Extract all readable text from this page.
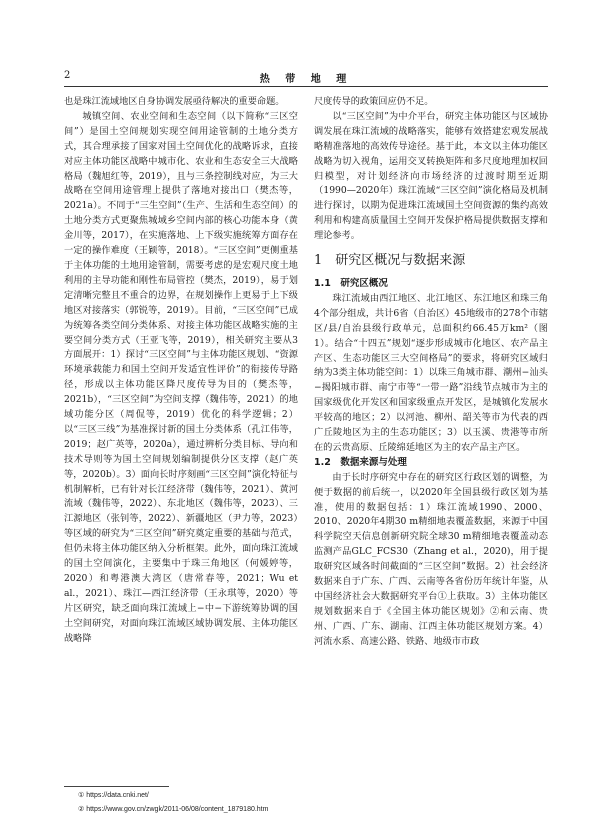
2	热 带 地 理

也是珠江流域地区自身协调发展亟待解决的重要命题。

城镇空间、农业空间和生态空间（以下简称“三区空间”）是国土空间规划实现空间用途管制的土地分类方式，其合理承接了国家对国土空间优化的战略诉求，直接对应主体功能区战略中城市化、农业和生态安全三大战略格局（魏旭红等，2019），且与三条控制线对应，为三大战略在空间用途管理上提供了落地对接出口（樊杰等，2021a）。不同于“三生空间”（生产、生活和生态空间）的土地分类方式更聚焦城域乡空间内部的核心功能本身（黄金川等，2017），在实施落地、上下级实施统筹方面存在一定的操作难度（王颖等，2018）。“三区空间”更侧重基于主体功能的土地用途管制，需要考虑的是宏观尺度土地利用的主导功能和刚性布局管控（樊杰，2019），易于划定清晰完整且不重合的边界，在规划操作上更易于上下级地区对接落实（郭锐等，2019）。目前，“三区空间”已成为统筹各类空间分类体系、对接主体功能区战略实施的主要空间分类方式（王亚飞等，2019），相关研究主要从3方面展开：1）探讨“三区空间”与主体功能区规划、“资源环境承载能力和国土空间开发适宜性评价”的衔接传导路径，形成以主体功能区降尺度传导为目的（樊杰等，2021b），“三区空间”为空间支撑（魏伟等，2021）的地域功能分区（周侃等，2019）优化的科学逻辑；2）以“三区三线”为基准探讨新的国土分类体系（孔江伟等，2019；赵广英等，2020a），通过辨析分类目标、导向和技术导则等为国土空间规划编制提供分区支撑（赵广英等，2020b）。3）面向长时序刻画“三区空间”演化特征与机制解析，已有针对长江经济带（魏伟等，2021）、黄河流域（魏伟等，2022）、东北地区（魏伟等，2023）、三江源地区（张钊等，2022）、新疆地区（尹力等，2023）等区域的研究为“三区空间”研究奠定重要的基础与范式，但仍未将主体功能区纳入分析框架。此外，面向珠江流域的国土空间演化，主要集中于珠三角地区（何媛婷等，2020）和粤港澳大湾区（唐常春等，2021；Wu et al.，2021）、珠江—西江经济带（王永琪等，2020）等片区研究，缺乏面向珠江流域上−中−下游统筹协调的国土空间研究，对面向珠江流域区域协调发展、主体功能区战略降

尺度传导的政策回应仍不足。

以“三区空间”为中介平台，研究主体功能区与区域协调发展在珠江流域的战略落实，能够有效搭建宏观发展战略精准落地的高效传导途径。基于此，本文以主体功能区战略为切入视角，运用交叉转换矩阵和多尺度地理加权回归模型，对计划经济向市场经济的过渡时期至近期（1990—2020年）珠江流域“三区空间”演化格局及机制进行探讨，以期为促进珠江流域国土空间资源的集约高效利用和构建高质量国土空间开发保护格局提供数据支撑和理论参考。

1　研究区概况与数据来源
1.1　研究区概况

珠江流域由西江地区、北江地区、东江地区和珠三角4个部分组成，共计6省（自治区）45地级市的278个市辖区/县/自治县级行政单元，总面积约66.45万km²（图1）。结合“十四五”规划“逐步形成城市化地区、农产品主产区、生态功能区三大空间格局”的要求，将研究区域归纳为3类主体功能空间：1）以珠三角城市群、潮州−汕头−揭阳城市群、南宁市等“一带一路”沿线节点城市为主的国家级优化开发区和国家级重点开发区，是城镇化发展水平较高的地区；2）以河池、柳州、韶关等市为代表的西广丘陵地区为主的生态功能区；3）以玉溪、贵港等市所在的云贵高原、丘陵绵延地区为主的农产品主产区。

1.2　数据来源与处理

由于长时序研究中存在的研究区行政区划的调整，为便于数据的前后统一，以2020年全国县级行政区划为基准，使用的数据包括：1）珠江流域1990、2000、2010、2020年4期30 m精细地表覆盖数据，来源于中国科学院空天信息创新研究院全球30 m精细地表覆盖动态监测产品GLC_FCS30（Zhang et al.，2020)，用于提取研究区域各时间截面的“三区空间”数据。2）社会经济数据来自于广东、广西、云南等各省份历年统计年鉴，从中国经济社会大数据研究平台①上获取。3）主体功能区规划数据来自于《全国主体功能区规划》②和云南、贵州、广西、广东、湖南、江西主体功能区规划方案。4）河流水系、高速公路、铁路、地级市市政

① https://data.cnki.net/
② https://www.gov.cn/zwgk/2011-06/08/content_1879180.htm
